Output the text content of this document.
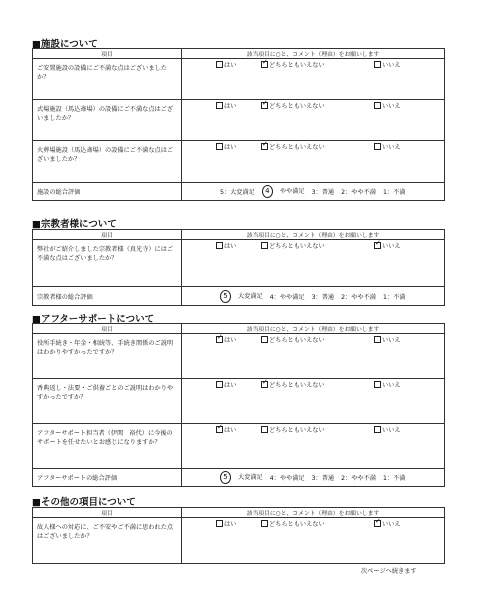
■施設について
項目	該当項目に○と、コメント（理由）をお願いします
ご安置施設の設備にご不満な点はございましたか？	はい ✓ どちらともいえない いいえ

式場施設（馬込斎場）の設備にご不満な点はございましたか？	はい ✓ どちらともいえない いいえ

火葬場施設（馬込斎場）の設備にご不満な点はございましたか？	はい ✓ どちらともいえない いいえ

施設の総合評価	5：大変満足 4 やや満足 3：普通 2：やや不満 1：不満
■宗教者様について
項目	該当項目に○と、コメント（理由）をお願いします
弊社がご紹介しました宗教者様（真光寺）にはご不満な点はございましたか？	はい どちらともいえない ✓ いいえ

宗教者様の総合評価	5 大変満足 4：やや満足 3：普通 2：やや不満 1：不満
■アフターサポートについて
項目	該当項目に○と、コメント（理由）をお願いします
役所手続き・年金・相続等、手続き関係のご説明はわかりやすかったですか？	✓ はい どちらともいえない いいえ

香典返し・法要・ご供養ごとのご説明はわかりやすかったですか？	はい ✓ どちらともいえない いいえ

アフターサポート担当者（伊関　裕代）に今後のサポートを任せたいとお感じになりますか？	✓ はい どちらともいえない いいえ

アフターサポートの総合評価	5 大変満足 4：やや満足 3：普通 2：やや不満 1：不満
■その他の項目について
項目	該当項目に○と、コメント（理由）をお願いします
故人様への対応に、ご不安やご不満に思われた点はございましたか？	はい どちらともいえない ✓ いいえ
次ページへ続きます
